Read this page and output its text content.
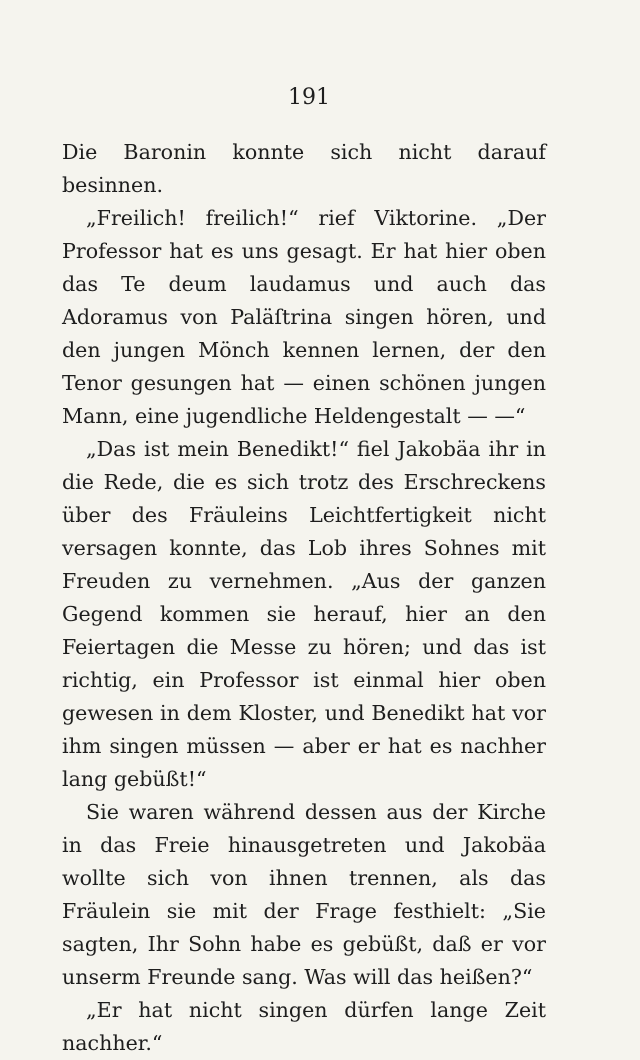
191

Die Baronin konnte sich nicht darauf besinnen.

„Freilich! freilich!“ rief Viktorine. „Der Professor hat es uns gesagt. Er hat hier oben das Te deum laudamus und auch das Adoramus von Paläſtrina singen hören, und den jungen Mönch kennen lernen, der den Tenor gesungen hat — einen schönen jungen Mann, eine jugendliche Heldengestalt — —“

„Das ist mein Benedikt!“ fiel Jakobäa ihr in die Rede, die es sich trotz des Erschreckens über des Fräuleins Leichtfertigkeit nicht versagen konnte, das Lob ihres Sohnes mit Freuden zu vernehmen. „Aus der ganzen Gegend kommen sie herauf, hier an den Feiertagen die Messe zu hören; und das ist richtig, ein Professor ist einmal hier oben gewesen in dem Kloster, und Benedikt hat vor ihm singen müssen — aber er hat es nachher lang gebüßt!“

Sie waren während dessen aus der Kirche in das Freie hinausgetreten und Jakobäa wollte sich von ihnen trennen, als das Fräulein sie mit der Frage festhielt: „Sie sagten, Ihr Sohn habe es gebüßt, daß er vor unserm Freunde sang. Was will das heißen?“

„Er hat nicht singen dürfen lange Zeit nachher.“
